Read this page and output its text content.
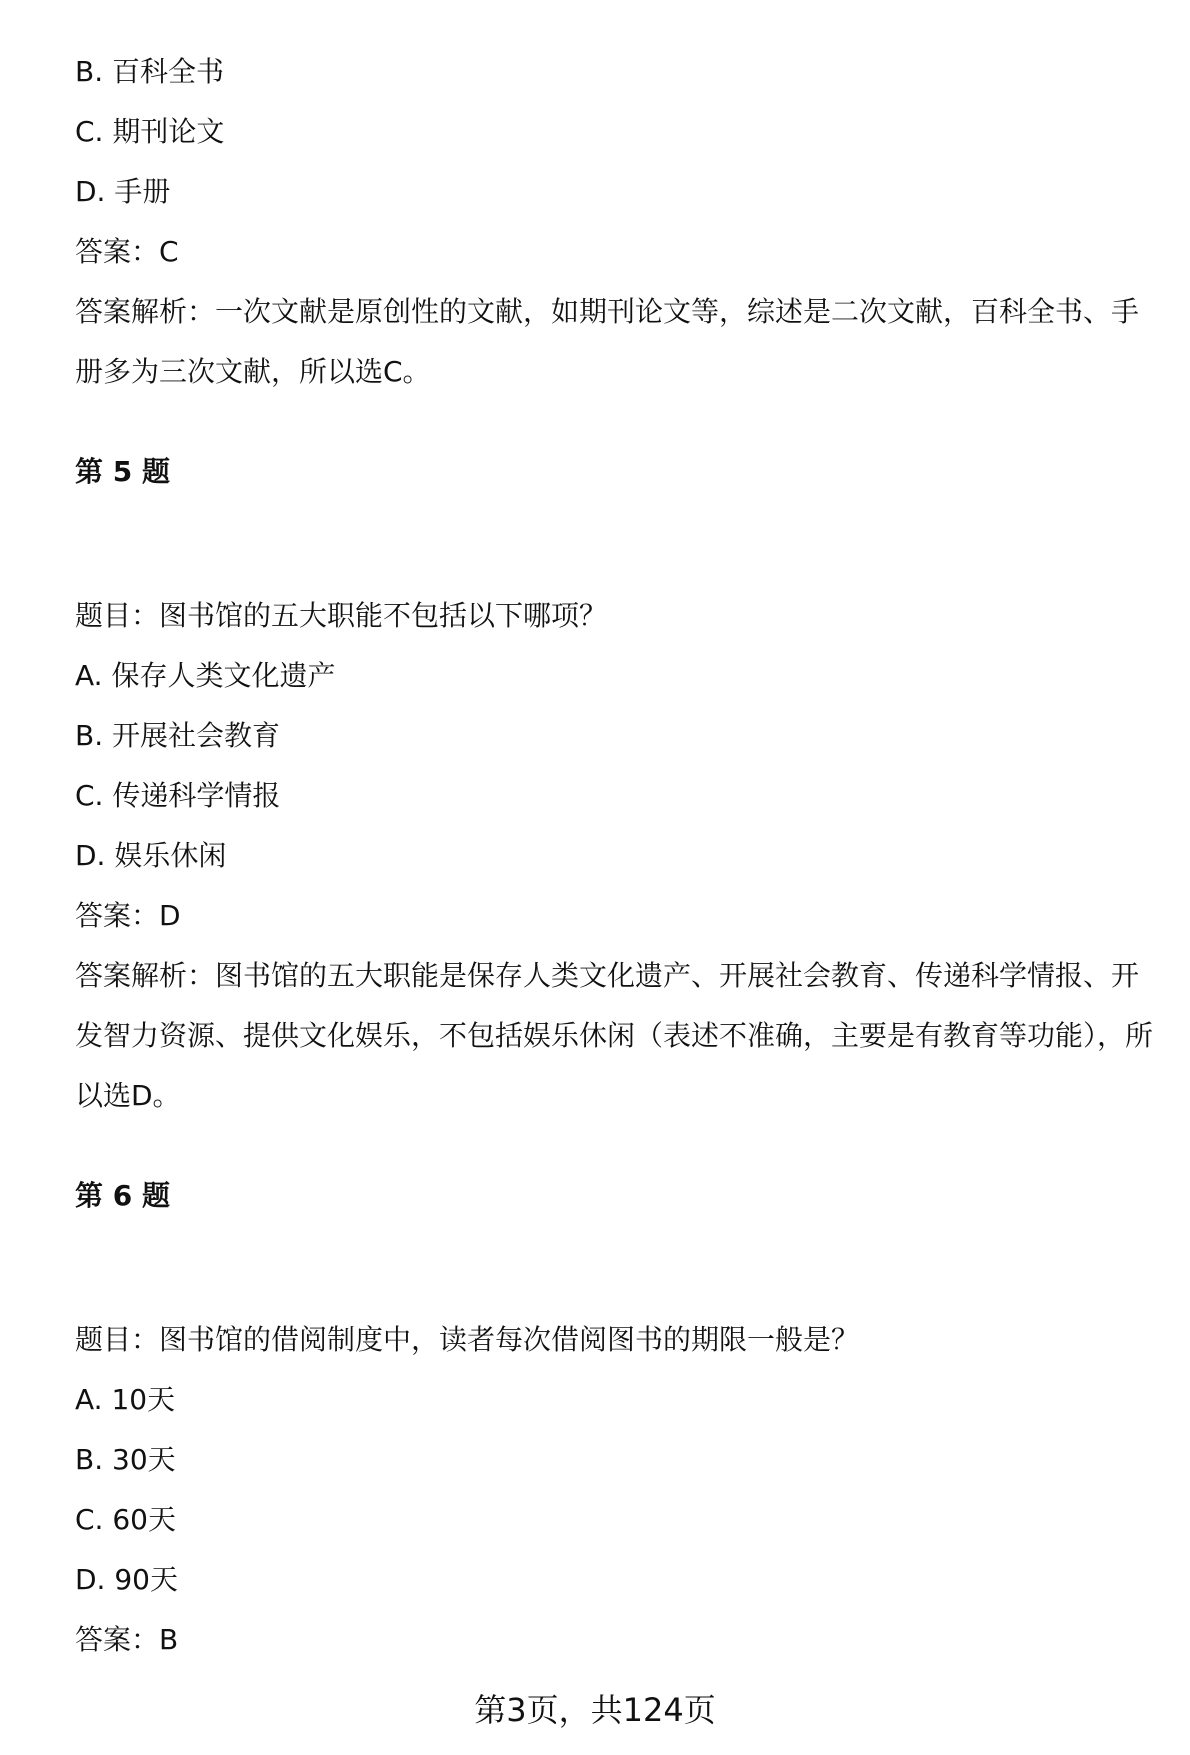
B. 百科全书
C. 期刊论文
D. 手册
答案：C
答案解析：一次文献是原创性的文献，如期刊论文等，综述是二次文献，百科全书、手册多为三次文献，所以选C。
第 5 题
题目：图书馆的五大职能不包括以下哪项？
A. 保存人类文化遗产
B. 开展社会教育
C. 传递科学情报
D. 娱乐休闲
答案：D
答案解析：图书馆的五大职能是保存人类文化遗产、开展社会教育、传递科学情报、开发智力资源、提供文化娱乐，不包括娱乐休闲（表述不准确，主要是有教育等功能），所以选D。
第 6 题
题目：图书馆的借阅制度中，读者每次借阅图书的期限一般是？
A. 10天
B. 30天
C. 60天
D. 90天
答案：B
第3页，共124页
